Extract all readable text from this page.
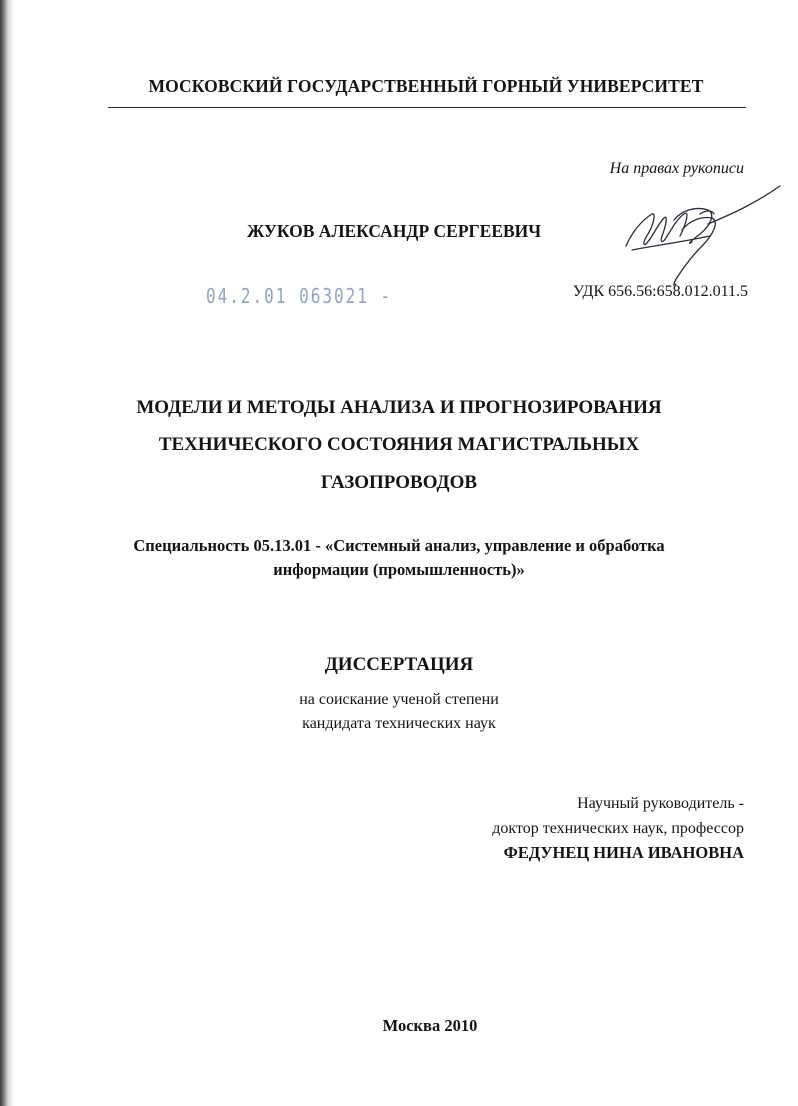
МОСКОВСКИЙ ГОСУДАРСТВЕННЫЙ ГОРНЫЙ УНИВЕРСИТЕТ
На правах рукописи
ЖУКОВ АЛЕКСАНДР СЕРГЕЕВИЧ
04.2.01 063021 -	УДК 656.56:658.012.011.5
МОДЕЛИ И МЕТОДЫ АНАЛИЗА И ПРОГНОЗИРОВАНИЯ
ТЕХНИЧЕСКОГО СОСТОЯНИЯ МАГИСТРАЛЬНЫХ
ГАЗОПРОВОДОВ
Специальность 05.13.01 - «Системный анализ, управление и обработка
информации (промышленность)»
ДИССЕРТАЦИЯ
на соискание ученой степени
кандидата технических наук
Научный руководитель -
доктор технических наук, профессор
ФЕДУНЕЦ НИНА ИВАНОВНА
Москва 2010
